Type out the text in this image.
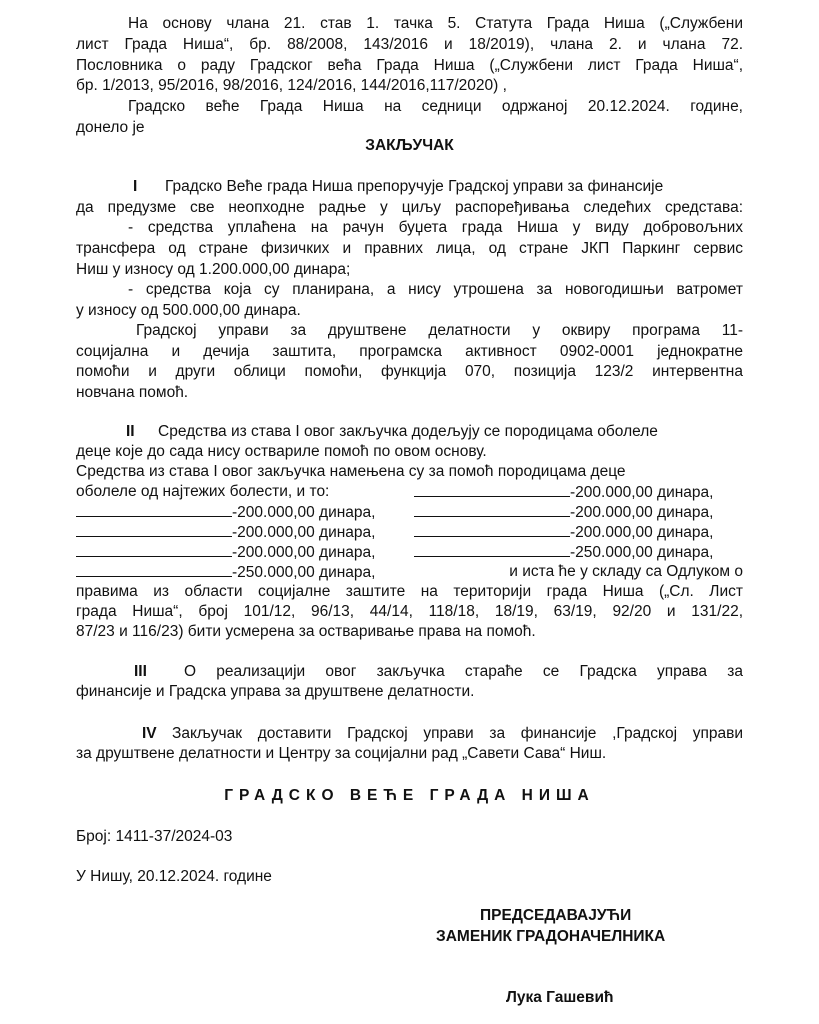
На основу члана 21. став 1. тачка 5. Статута Града Ниша („Службени
лист Града Ниша“, бр. 88/2008, 143/2016 и 18/2019), члана 2. и члана 72.
Пословника о раду Градског већа Града Ниша („Службени лист Града Ниша“,
бр. 1/2013, 95/2016, 98/2016, 124/2016, 144/2016,117/2020) ,
Градско веће Града Ниша на седници одржаној 20.12.2024. године,
донело је
ЗАКЉУЧАК
I Градско Веће града Ниша препоручује Градској управи за финансије
да предузме све неопходне радње у циљу распоређивања следећих средстава:
- средства уплаћена на рачун буџета града Ниша у виду добровољних
трансфера од стране физичких и правних лица, од стране ЈКП Паркинг сервис
Ниш у износу од 1.200.000,00 динара;
- средства која су планирана, а нису утрошена за новогодишњи ватромет
у износу од 500.000,00 динара.
Градској управи за друштвене делатности у оквиру програма 11-
социјална и дечија заштита, програмска активност 0902-0001 једнократне
помоћи и други облици помоћи, функција 070, позиција 123/2 интервентна
новчана помоћ.
II Средства из става I овог закључка додељују се породицама оболеле
деце које до сада нису оствариле помоћ по овом основу.
Средства из става I овог закључка намењена су за помоћ породицама деце
оболеле од најтежих болести, и то:	-200.000,00 динара,
-200.000,00 динара,	-200.000,00 динара,
-200.000,00 динара,	-200.000,00 динара,
-200.000,00 динара,	-250.000,00 динара,
-250.000,00 динара,	и иста ће у складу са Одлуком о
правима из области социјалне заштите на територији града Ниша („Сл. Лист
града Ниша“, број 101/12, 96/13, 44/14, 118/18, 18/19, 63/19, 92/20 и 131/22,
87/23 и 116/23) бити усмерена за остваривање права на помоћ.
III О реализацији овог закључка стараће се Градска управа за
финансије и Градска управа за друштвене делатности.
IV Закључак доставити Градској управи за финансије ,Градској управи
за друштвене делатности и Центру за социјални рад „Савети Сава“ Ниш.
ГРАДСКО ВЕЋЕ ГРАДА НИША
Број: 1411-37/2024-03
У Нишу, 20.12.2024. године
ПРЕДСЕДАВАЈУЋИ
ЗАМЕНИК ГРАДОНАЧЕЛНИКА
Лука Гашевић
